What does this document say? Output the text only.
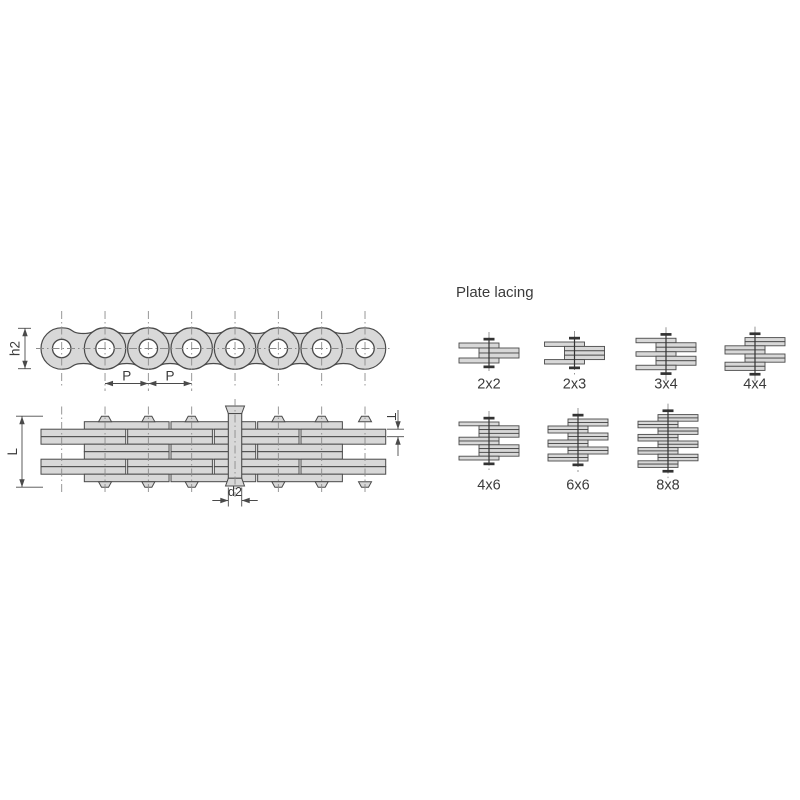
2x2	2x3	3x4	4x4
4x6	6x6	8x8
h2
P	P
L
T
d2
Plate lacing
